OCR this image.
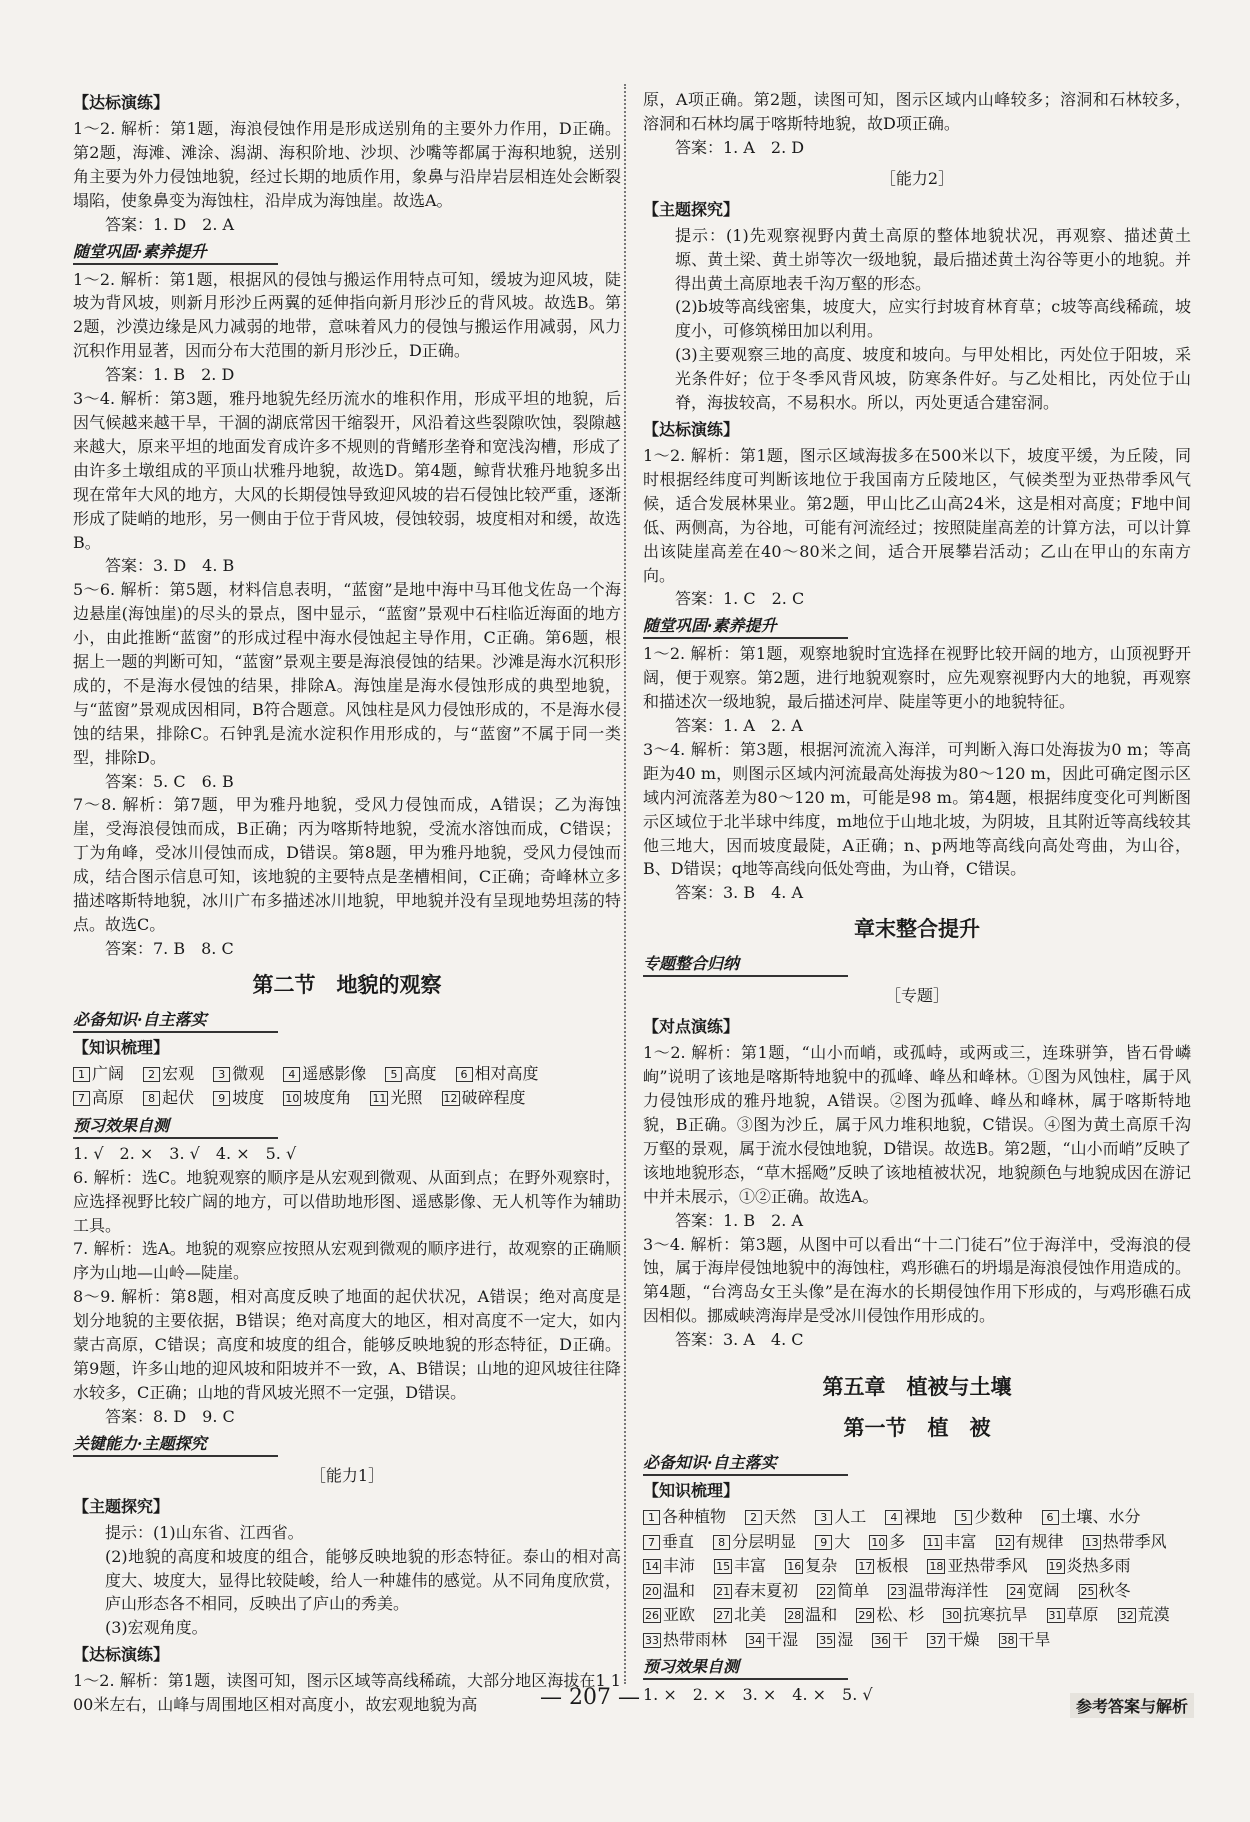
【达标演练】

1～2. 解析：第1题，海浪侵蚀作用是形成送别角的主要外力作用，D正确。第2题，海滩、滩涂、潟湖、海积阶地、沙坝、沙嘴等都属于海积地貌，送别角主要为外力侵蚀地貌，经过长期的地质作用，象鼻与沿岸岩层相连处会断裂塌陷，使象鼻变为海蚀柱，沿岸成为海蚀崖。故选A。

答案：1. D　2. A

随堂巩固·素养提升

1～2. 解析：第1题，根据风的侵蚀与搬运作用特点可知，缓坡为迎风坡，陡坡为背风坡，则新月形沙丘两翼的延伸指向新月形沙丘的背风坡。故选B。第2题，沙漠边缘是风力减弱的地带，意味着风力的侵蚀与搬运作用减弱，风力沉积作用显著，因而分布大范围的新月形沙丘，D正确。

答案：1. B　2. D

3～4. 解析：第3题，雅丹地貌先经历流水的堆积作用，形成平坦的地貌，后因气候越来越干旱，干涸的湖底常因干缩裂开，风沿着这些裂隙吹蚀，裂隙越来越大，原来平坦的地面发育成许多不规则的背鳍形垄脊和宽浅沟槽，形成了由许多土墩组成的平顶山状雅丹地貌，故选D。第4题，鲸背状雅丹地貌多出现在常年大风的地方，大风的长期侵蚀导致迎风坡的岩石侵蚀比较严重，逐渐形成了陡峭的地形，另一侧由于位于背风坡，侵蚀较弱，坡度相对和缓，故选B。

答案：3. D　4. B

5～6. 解析：第5题，材料信息表明，“蓝窗”是地中海中马耳他戈佐岛一个海边悬崖(海蚀崖)的尽头的景点，图中显示，“蓝窗”景观中石柱临近海面的地方小，由此推断“蓝窗”的形成过程中海水侵蚀起主导作用，C正确。第6题，根据上一题的判断可知，“蓝窗”景观主要是海浪侵蚀的结果。沙滩是海水沉积形成的，不是海水侵蚀的结果，排除A。海蚀崖是海水侵蚀形成的典型地貌，与“蓝窗”景观成因相同，B符合题意。风蚀柱是风力侵蚀形成的，不是海水侵蚀的结果，排除C。石钟乳是流水淀积作用形成的，与“蓝窗”不属于同一类型，排除D。

答案：5. C　6. B

7～8. 解析：第7题，甲为雅丹地貌，受风力侵蚀而成，A错误；乙为海蚀崖，受海浪侵蚀而成，B正确；丙为喀斯特地貌，受流水溶蚀而成，C错误；丁为角峰，受冰川侵蚀而成，D错误。第8题，甲为雅丹地貌，受风力侵蚀而成，结合图示信息可知，该地貌的主要特点是垄槽相间，C正确；奇峰林立多描述喀斯特地貌，冰川广布多描述冰川地貌，甲地貌并没有呈现地势坦荡的特点。故选C。

答案：7. B　8. C

第二节　地貌的观察
必备知识·自主落实
【知识梳理】
1 广阔 2 宏观 3 微观 4 遥感影像 5 高度 6 相对高度 7 高原 8 起伏 9 坡度 10 坡度角 11 光照 12 破碎程度
预习效果自测

1. √　2. ×　3. √　4. ×　5. √

6. 解析：选C。地貌观察的顺序是从宏观到微观、从面到点；在野外观察时，应选择视野比较广阔的地方，可以借助地形图、遥感影像、无人机等作为辅助工具。

7. 解析：选A。地貌的观察应按照从宏观到微观的顺序进行，故观察的正确顺序为山地—山岭—陡崖。

8～9. 解析：第8题，相对高度反映了地面的起伏状况，A错误；绝对高度是划分地貌的主要依据，B错误；绝对高度大的地区，相对高度不一定大，如内蒙古高原，C错误；高度和坡度的组合，能够反映地貌的形态特征，D正确。第9题，许多山地的迎风坡和阳坡并不一致，A、B错误；山地的迎风坡往往降水较多，C正确；山地的背风坡光照不一定强，D错误。

答案：8. D　9. C

关键能力·主题探究
［能力1］
【主题探究】

提示：(1)山东省、江西省。

(2)地貌的高度和坡度的组合，能够反映地貌的形态特征。泰山的相对高度大、坡度大，显得比较陡峻，给人一种雄伟的感觉。从不同角度欣赏，庐山形态各不相同，反映出了庐山的秀美。

(3)宏观角度。

【达标演练】

1～2. 解析：第1题，读图可知，图示区域等高线稀疏，大部分地区海拔在1 100米左右，山峰与周围地区相对高度小，故宏观地貌为高

原，A项正确。第2题，读图可知，图示区域内山峰较多；溶洞和石林较多，溶洞和石林均属于喀斯特地貌，故D项正确。

答案：1. A　2. D

［能力2］
【主题探究】

提示：(1)先观察视野内黄土高原的整体地貌状况，再观察、描述黄土塬、黄土梁、黄土峁等次一级地貌，最后描述黄土沟谷等更小的地貌。并得出黄土高原地表千沟万壑的形态。

(2)b坡等高线密集，坡度大，应实行封坡育林育草；c坡等高线稀疏，坡度小，可修筑梯田加以利用。

(3)主要观察三地的高度、坡度和坡向。与甲处相比，丙处位于阳坡，采光条件好；位于冬季风背风坡，防寒条件好。与乙处相比，丙处位于山脊，海拔较高，不易积水。所以，丙处更适合建窑洞。

【达标演练】

1～2. 解析：第1题，图示区域海拔多在500米以下，坡度平缓，为丘陵，同时根据经纬度可判断该地位于我国南方丘陵地区，气候类型为亚热带季风气候，适合发展林果业。第2题，甲山比乙山高24米，这是相对高度；F地中间低、两侧高，为谷地，可能有河流经过；按照陡崖高差的计算方法，可以计算出该陡崖高差在40～80米之间，适合开展攀岩活动；乙山在甲山的东南方向。

答案：1. C　2. C

随堂巩固·素养提升

1～2. 解析：第1题，观察地貌时宜选择在视野比较开阔的地方，山顶视野开阔，便于观察。第2题，进行地貌观察时，应先观察视野内大的地貌，再观察和描述次一级地貌，最后描述河岸、陡崖等更小的地貌特征。

答案：1. A　2. A

3～4. 解析：第3题，根据河流流入海洋，可判断入海口处海拔为0 m；等高距为40 m，则图示区域内河流最高处海拔为80～120 m，因此可确定图示区域内河流落差为80～120 m，可能是98 m。第4题，根据纬度变化可判断图示区域位于北半球中纬度，m地位于山地北坡，为阴坡，且其附近等高线较其他三地大，因而坡度最陡，A正确；n、p两地等高线向高处弯曲，为山谷，B、D错误；q地等高线向低处弯曲，为山脊，C错误。

答案：3. B　4. A

章末整合提升
专题整合归纳
［专题］
【对点演练】

1～2. 解析：第1题，“山小而峭，或孤峙，或两或三，连珠骈笋，皆石骨嶙峋”说明了该地是喀斯特地貌中的孤峰、峰丛和峰林。①图为风蚀柱，属于风力侵蚀形成的雅丹地貌，A错误。②图为孤峰、峰丛和峰林，属于喀斯特地貌，B正确。③图为沙丘，属于风力堆积地貌，C错误。④图为黄土高原千沟万壑的景观，属于流水侵蚀地貌，D错误。故选B。第2题，“山小而峭”反映了该地地貌形态，“草木摇飏”反映了该地植被状况，地貌颜色与地貌成因在游记中并未展示，①②正确。故选A。

答案：1. B　2. A

3～4. 解析：第3题，从图中可以看出“十二门徒石”位于海洋中，受海浪的侵蚀，属于海岸侵蚀地貌中的海蚀柱，鸡形礁石的坍塌是海浪侵蚀作用造成的。第4题，“台湾岛女王头像”是在海水的长期侵蚀作用下形成的，与鸡形礁石成因相似。挪威峡湾海岸是受冰川侵蚀作用形成的。

答案：3. A　4. C

第五章　植被与土壤
第一节　植　被
必备知识·自主落实
【知识梳理】
1 各种植物 2 天然 3 人工 4 裸地 5 少数种 6 土壤、水分 7 垂直 8 分层明显 9 大 10 多 11 丰富 12 有规律 13 热带季风 14 丰沛 15 丰富 16 复杂 17 板根 18 亚热带季风 19 炎热多雨 20 温和 21 春末夏初 22 简单 23 温带海洋性 24 宽阔 25 秋冬 26 亚欧 27 北美 28 温和 29 松、杉 30 抗寒抗旱 31 草原 32 荒漠 33 热带雨林 34 干湿 35 湿 36 干 37 干燥 38 干旱
预习效果自测

1. ×　2. ×　3. ×　4. ×　5. √

— 207 —	参考答案与解析
